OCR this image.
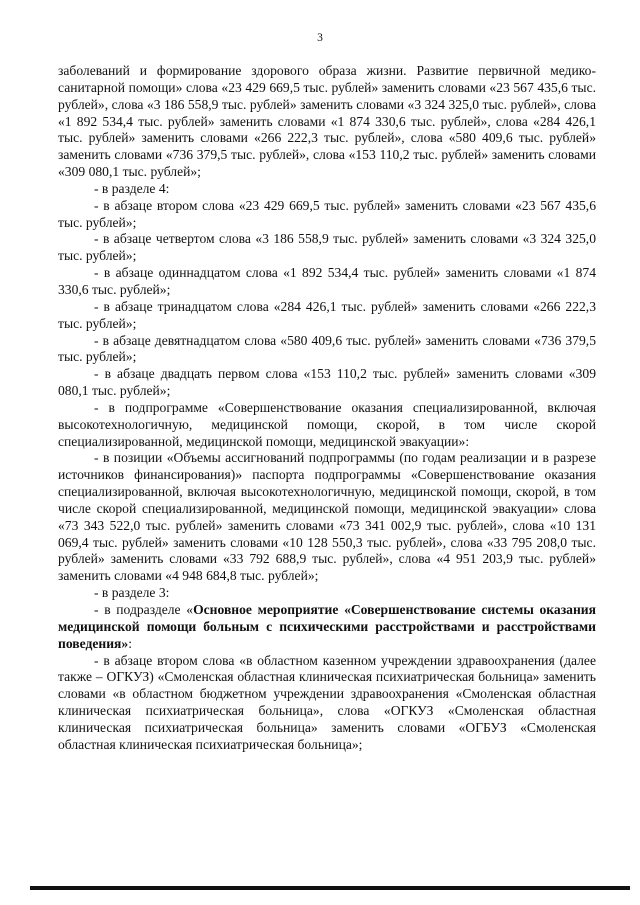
3

заболеваний и формирование здорового образа жизни. Развитие первичной медико-санитарной помощи» слова «23 429 669,5 тыс. рублей» заменить словами «23 567 435,6 тыс. рублей», слова «3 186 558,9 тыс. рублей» заменить словами «3 324 325,0 тыс. рублей», слова «1 892 534,4 тыс. рублей» заменить словами «1 874 330,6 тыс. рублей», слова «284 426,1 тыс. рублей» заменить словами «266 222,3 тыс. рублей», слова «580 409,6 тыс. рублей» заменить словами «736 379,5 тыс. рублей», слова «153 110,2 тыс. рублей» заменить словами «309 080,1 тыс. рублей»;

- в разделе 4:

- в абзаце втором слова «23 429 669,5 тыс. рублей» заменить словами «23 567 435,6 тыс. рублей»;

- в абзаце четвертом слова «3 186 558,9 тыс. рублей» заменить словами «3 324 325,0 тыс. рублей»;

- в абзаце одиннадцатом слова «1 892 534,4 тыс. рублей» заменить словами «1 874 330,6 тыс. рублей»;

- в абзаце тринадцатом слова «284 426,1 тыс. рублей» заменить словами «266 222,3 тыс. рублей»;

- в абзаце девятнадцатом слова «580 409,6 тыс. рублей» заменить словами «736 379,5 тыс. рублей»;

- в абзаце двадцать первом слова «153 110,2 тыс. рублей» заменить словами «309 080,1 тыс. рублей»;

- в подпрограмме «Совершенствование оказания специализированной, включая высокотехнологичную, медицинской помощи, скорой, в том числе скорой специализированной, медицинской помощи, медицинской эвакуации»:

- в позиции «Объемы ассигнований подпрограммы (по годам реализации и в разрезе источников финансирования)» паспорта подпрограммы «Совершенствование оказания специализированной, включая высокотехнологичную, медицинской помощи, скорой, в том числе скорой специализированной, медицинской помощи, медицинской эвакуации» слова «73 343 522,0 тыс. рублей» заменить словами «73 341 002,9 тыс. рублей», слова «10 131 069,4 тыс. рублей» заменить словами «10 128 550,3 тыс. рублей», слова «33 795 208,0 тыс. рублей» заменить словами «33 792 688,9 тыс. рублей», слова «4 951 203,9 тыс. рублей» заменить словами «4 948 684,8 тыс. рублей»;

- в разделе 3:

- в подразделе «Основное мероприятие «Совершенствование системы оказания медицинской помощи больным с психическими расстройствами и расстройствами поведения»:

- в абзаце втором слова «в областном казенном учреждении здравоохранения (далее также – ОГКУЗ) «Смоленская областная клиническая психиатрическая больница» заменить словами «в областном бюджетном учреждении здравоохранения «Смоленская областная клиническая психиатрическая больница», слова «ОГКУЗ «Смоленская областная клиническая психиатрическая больница» заменить словами «ОГБУЗ «Смоленская областная клиническая психиатрическая больница»;
